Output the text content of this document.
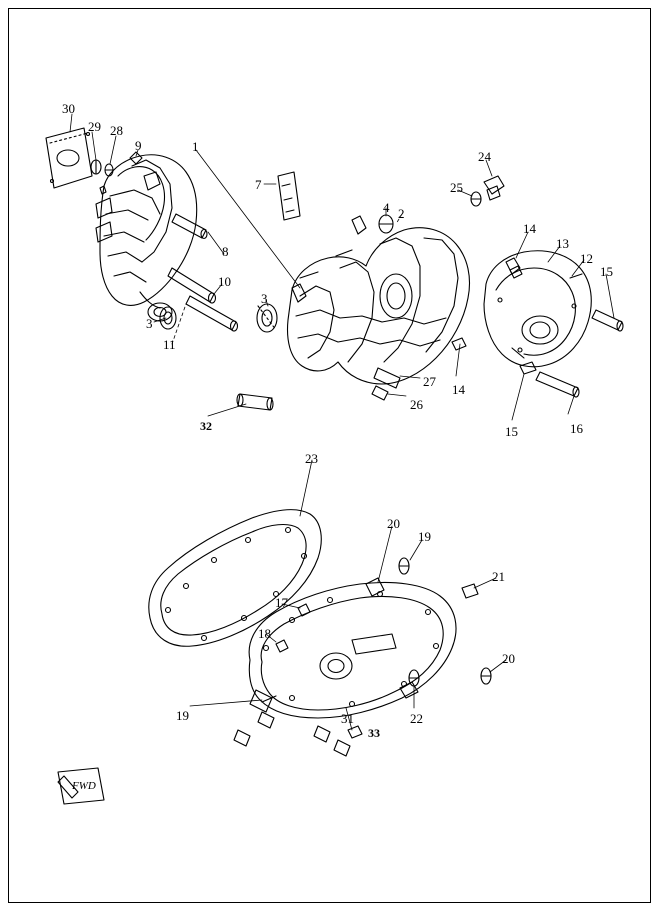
30
29 28
9	1
7
24
25
4 2
14
13
12
15
8
10
3
3
11
27
26
14
15	16
32
23
20
19
21
17
18
20
19	31	22
33
FWD
